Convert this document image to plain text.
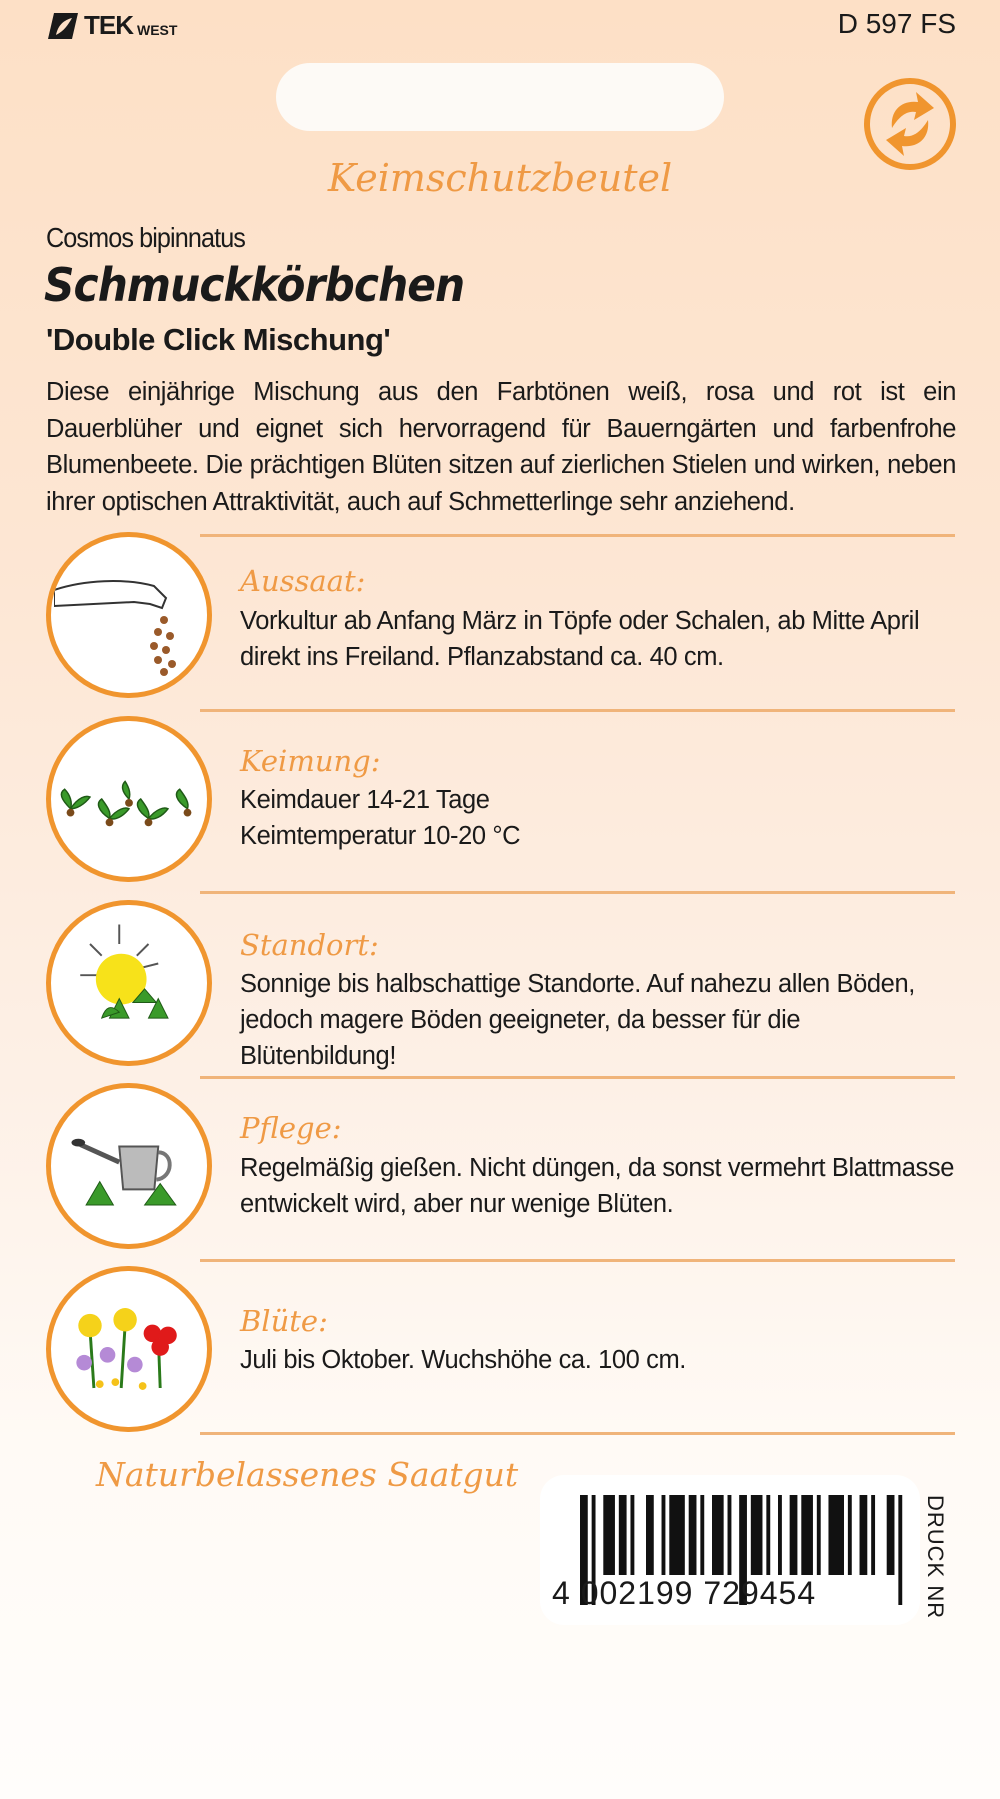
TEK WEST	D 597 FS
Keimschutzbeutel
Cosmos bipinnatus
Schmuckkörbchen
'Double Click Mischung'
Diese einjährige Mischung aus den Farbtönen weiß, rosa und rot ist ein Dauerblüher und eignet sich hervorragend für Bauerngärten und farbenfrohe Blumenbeete. Die prächtigen Blüten sitzen auf zierlichen Stielen und wirken, neben ihrer optischen Attraktivität, auch auf Schmetterlinge sehr anziehend.
Aussaat:
Vorkultur ab Anfang März in Töpfe oder Schalen, ab Mitte April
direkt ins Freiland. Pflanzabstand ca. 40 cm.
Keimung:
Keimdauer 14-21 Tage
Keimtemperatur 10-20 °C
Standort:
Sonnige bis halbschattige Standorte. Auf nahezu allen Böden,
jedoch magere Böden geeigneter, da besser für die Blütenbildung!
Pflege:
Regelmäßig gießen. Nicht düngen, da sonst vermehrt Blattmasse
entwickelt wird, aber nur wenige Blüten.
Blüte:
Juli bis Oktober. Wuchshöhe ca. 100 cm.
Naturbelassenes Saatgut
4 002199 729454	DRUCK NR
